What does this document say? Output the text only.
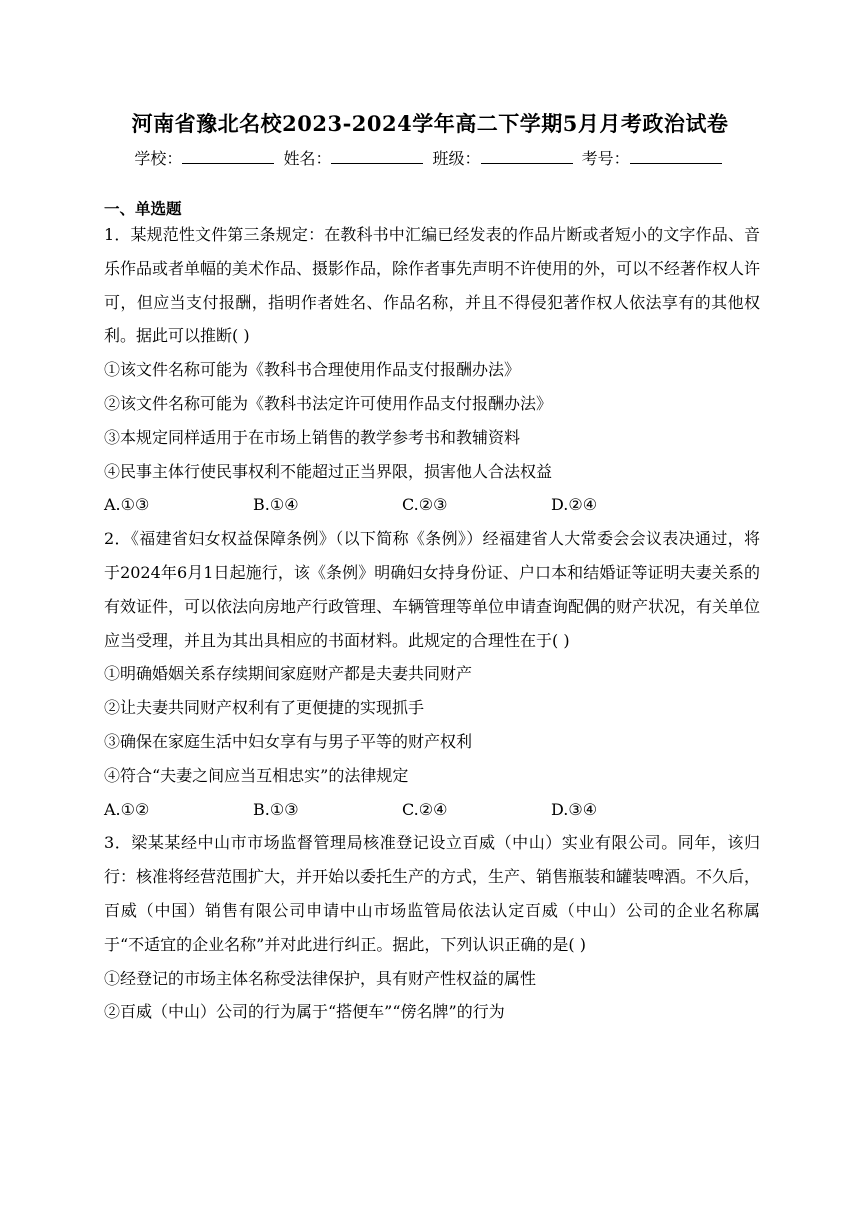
河南省豫北名校2023-2024学年高二下学期5月月考政治试卷
学校：	姓名：	班级：	考号：
一、单选题

1．某规范性文件第三条规定：在教科书中汇编已经发表的作品片断或者短小的文字作品、音乐作品或者单幅的美术作品、摄影作品，除作者事先声明不许使用的外，可以不经著作权人许可，但应当支付报酬，指明作者姓名、作品名称，并且不得侵犯著作权人依法享有的其他权利。据此可以推断( )

①该文件名称可能为《教科书合理使用作品支付报酬办法》

②该文件名称可能为《教科书法定许可使用作品支付报酬办法》

③本规定同样适用于在市场上销售的教学参考书和教辅资料

④民事主体行使民事权利不能超过正当界限，损害他人合法权益

A.①③	B.①④	C.②③	D.②④

2．《福建省妇女权益保障条例》（以下简称《条例》）经福建省人大常委会会议表决通过，将于2024年6月1日起施行，该《条例》明确妇女持身份证、户口本和结婚证等证明夫妻关系的有效证件，可以依法向房地产行政管理、车辆管理等单位申请查询配偶的财产状况，有关单位应当受理，并且为其出具相应的书面材料。此规定的合理性在于( )

①明确婚姻关系存续期间家庭财产都是夫妻共同财产

②让夫妻共同财产权利有了更便捷的实现抓手

③确保在家庭生活中妇女享有与男子平等的财产权利

④符合“夫妻之间应当互相忠实”的法律规定

A.①②	B.①③	C.②④	D.③④

3．梁某某经中山市市场监督管理局核准登记设立百威（中山）实业有限公司。同年，该归行：核准将经营范围扩大，并开始以委托生产的方式，生产、销售瓶装和罐装啤酒。不久后，百威（中国）销售有限公司申请中山市场监管局依法认定百威（中山）公司的企业名称属于“不适宜的企业名称”并对此进行纠正。据此，下列认识正确的是( )

①经登记的市场主体名称受法律保护，具有财产性权益的属性

②百威（中山）公司的行为属于“搭便车”“傍名牌”的行为
